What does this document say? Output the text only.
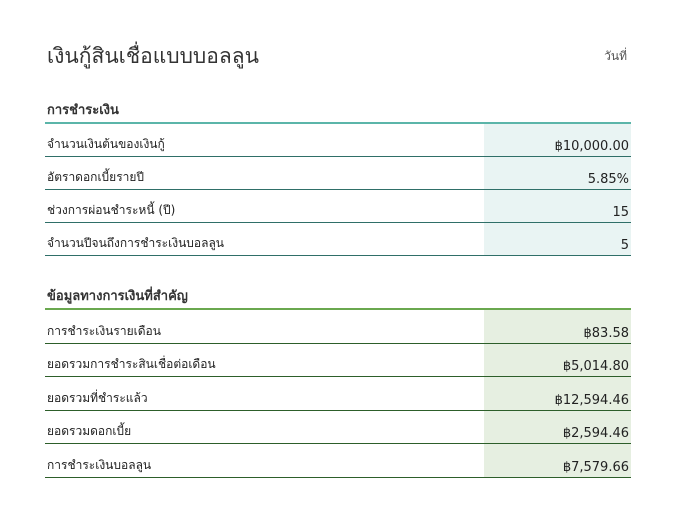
เงินกู้สินเชื่อแบบบอลลูน	วันที่
การชำระเงิน
จำนวนเงินต้นของเงินกู้	฿10,000.00
อัตราดอกเบี้ยรายปี	5.85%
ช่วงการผ่อนชำระหนี้ (ปี)	15
จำนวนปีจนถึงการชำระเงินบอลลูน	5
ข้อมูลทางการเงินที่สำคัญ
การชำระเงินรายเดือน	฿83.58
ยอดรวมการชำระสินเชื่อต่อเดือน	฿5,014.80
ยอดรวมที่ชำระแล้ว	฿12,594.46
ยอดรวมดอกเบี้ย	฿2,594.46
การชำระเงินบอลลูน	฿7,579.66
